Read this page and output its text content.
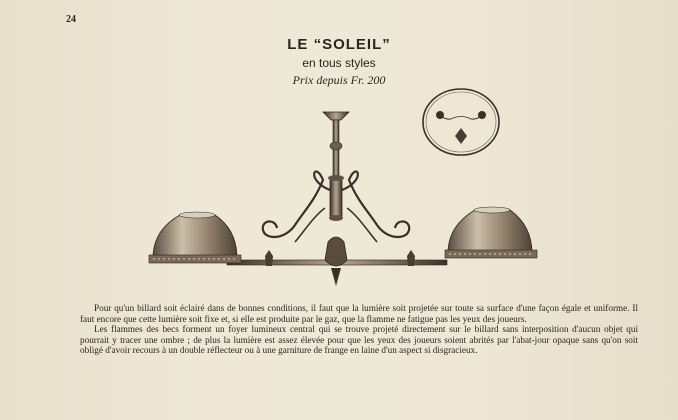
24
LE “SOLEIL”
en tous styles
Prix depuis Fr. 200

Pour qu'un billard soit éclairé dans de bonnes conditions, il faut que la lumière soit projetée sur toute sa surface d'une façon égale et uniforme. Il faut encore que cette lumière soit fixe et, si elle est produite par le gaz, que la flamme ne fatigue pas les yeux des joueurs.

Les flammes des becs forment un foyer lumineux central qui se trouve projeté directement sur le billard sans interposition d'aucun objet qui pourrait y tracer une ombre ; de plus la lumière est assez élevée pour que les yeux des joueurs soient abrités par l'abat-jour opaque sans qu'on soit obligé d'avoir recours à un double réflecteur ou à une garniture de frange en laine d'un aspect si disgracieux.
